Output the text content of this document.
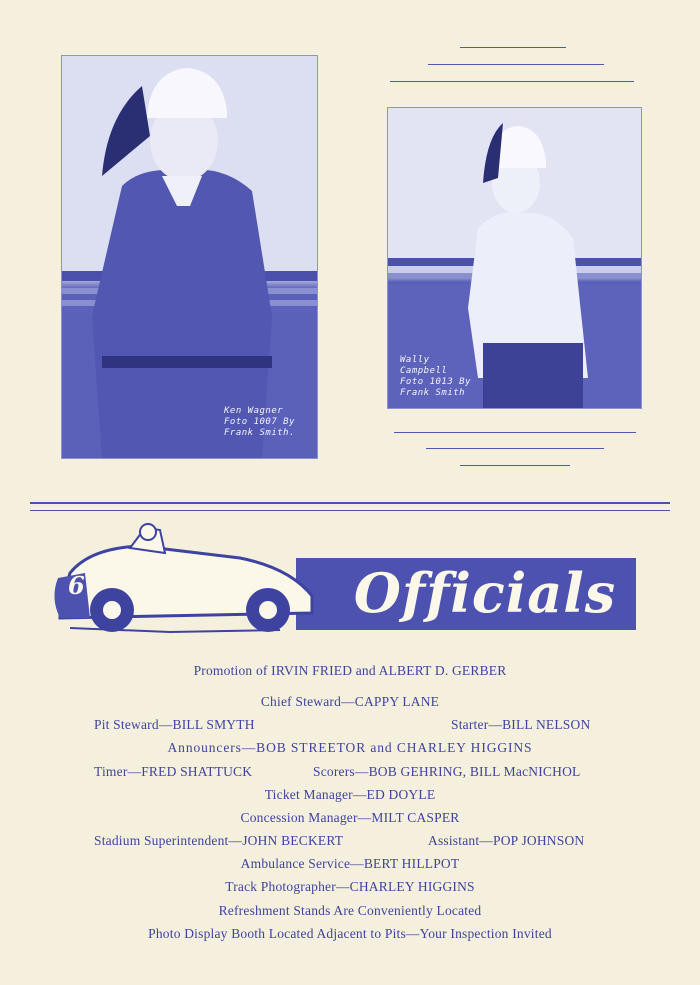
Ken Wagner
Foto 1007 By
Frank Smith.
Wally
Campbell
Foto 1013 By
Frank Smith
Officials
6
Promotion of IRVIN FRIED and ALBERT D. GERBER
Chief Steward—CAPPY LANE
Pit Steward—BILL SMYTH	Starter—BILL NELSON
Announcers—BOB STREETOR and CHARLEY HIGGINS
Timer—FRED SHATTUCK	Scorers—BOB GEHRING, BILL MacNICHOL
Ticket Manager—ED DOYLE
Concession Manager—MILT CASPER
Stadium Superintendent—JOHN BECKERT	Assistant—POP JOHNSON
Ambulance Service—BERT HILLPOT
Track Photographer—CHARLEY HIGGINS
Refreshment Stands Are Conveniently Located
Photo Display Booth Located Adjacent to Pits—Your Inspection Invited
